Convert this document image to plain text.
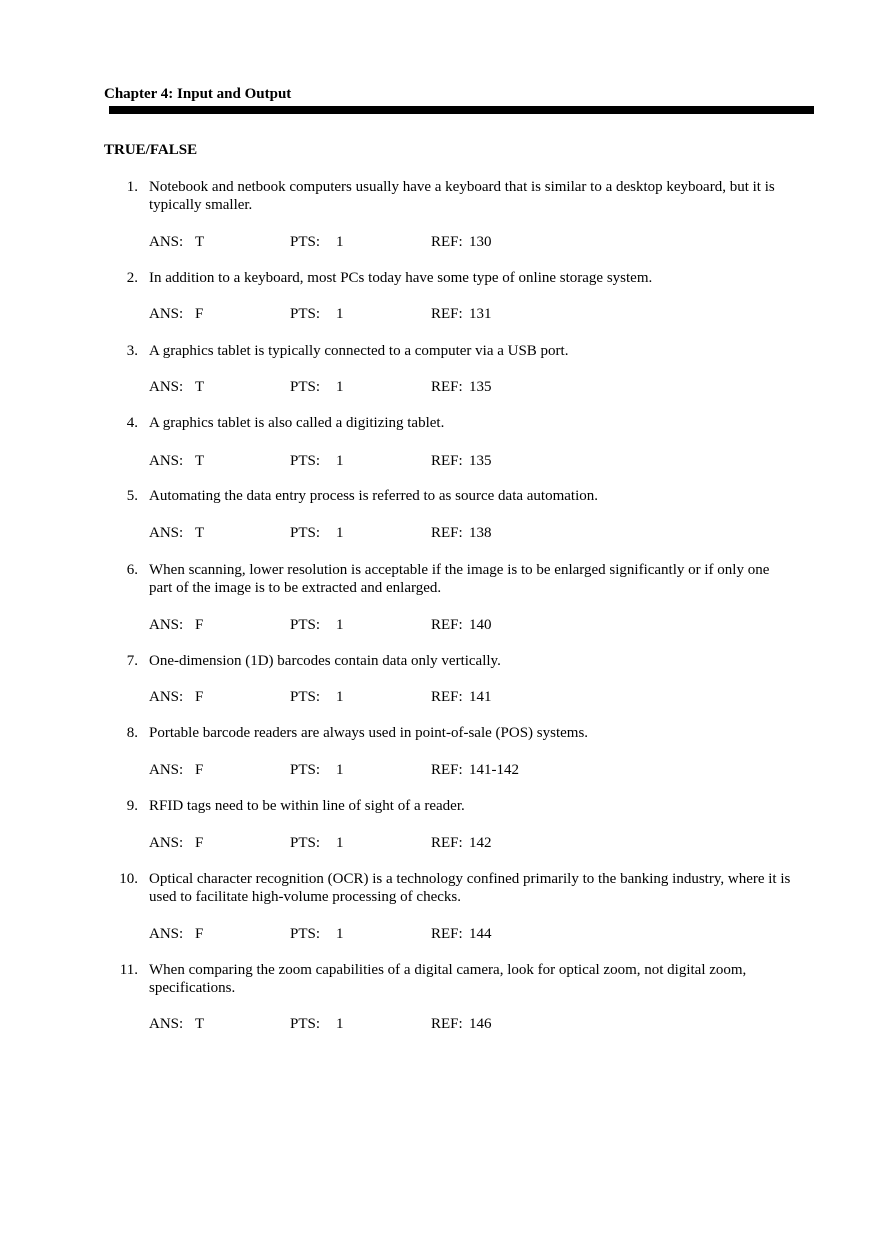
Chapter 4: Input and Output
TRUE/FALSE
1. Notebook and netbook computers usually have a keyboard that is similar to a desktop keyboard, but it is typically smaller.
ANS: T	PTS: 1	REF: 130
2. In addition to a keyboard, most PCs today have some type of online storage system.
ANS: F	PTS: 1	REF: 131
3. A graphics tablet is typically connected to a computer via a USB port.
ANS: T	PTS: 1	REF: 135
4. A graphics tablet is also called a digitizing tablet.
ANS: T	PTS: 1	REF: 135
5. Automating the data entry process is referred to as source data automation.
ANS: T	PTS: 1	REF: 138
6. When scanning, lower resolution is acceptable if the image is to be enlarged significantly or if only one part of the image is to be extracted and enlarged.
ANS: F	PTS: 1	REF: 140
7. One-dimension (1D) barcodes contain data only vertically.
ANS: F	PTS: 1	REF: 141
8. Portable barcode readers are always used in point-of-sale (POS) systems.
ANS: F	PTS: 1	REF: 141-142
9. RFID tags need to be within line of sight of a reader.
ANS: F	PTS: 1	REF: 142
10. Optical character recognition (OCR) is a technology confined primarily to the banking industry, where it is used to facilitate high-volume processing of checks.
ANS: F	PTS: 1	REF: 144
11. When comparing the zoom capabilities of a digital camera, look for optical zoom, not digital zoom, specifications.
ANS: T	PTS: 1	REF: 146
